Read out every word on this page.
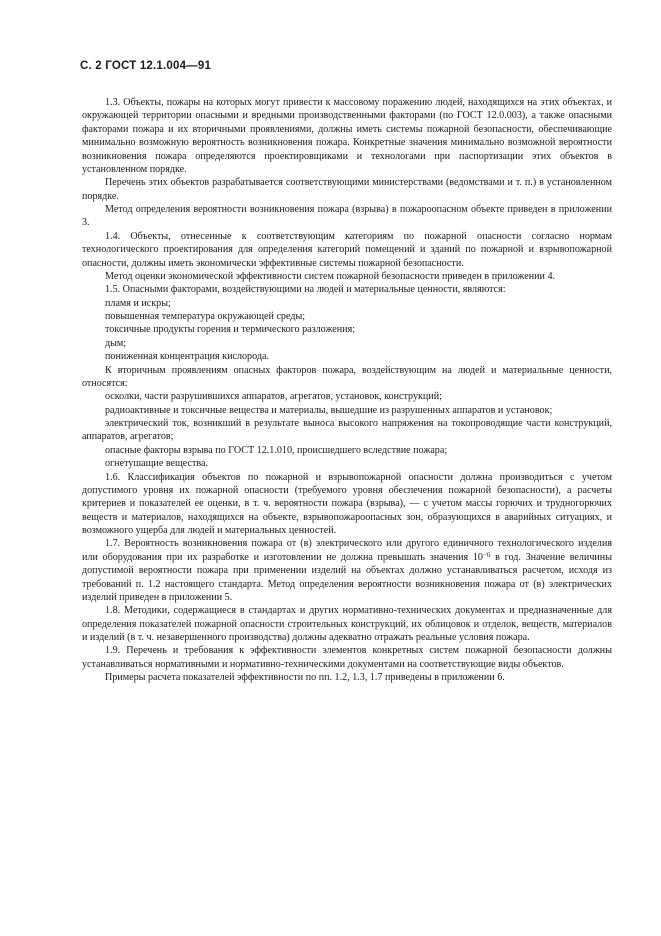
С. 2 ГОСТ 12.1.004—91

1.3. Объекты, пожары на которых могут привести к массовому поражению людей, находящихся на этих объектах, и окружающей территории опасными и вредными производственными факторами (по ГОСТ 12.0.003), а также опасными факторами пожара и их вторичными проявлениями, должны иметь системы пожарной безопасности, обеспечивающие минимально возможную вероятность возникновения пожара. Конкретные значения минимально возможной вероятности возникновения пожара определяются проектировщиками и технологами при паспортизации этих объектов в установленном порядке.

Перечень этих объектов разрабатывается соответствующими министерствами (ведомствами и т. п.) в установленном порядке.

Метод определения вероятности возникновения пожара (взрыва) в пожароопасном объекте приведен в приложении 3.

1.4. Объекты, отнесенные к соответствующим категориям по пожарной опасности согласно нормам технологического проектирования для определения категорий помещений и зданий по пожарной и взрывопожарной опасности, должны иметь экономически эффективные системы пожарной безопасности.

Метод оценки экономической эффективности систем пожарной безопасности приведен в приложении 4.

1.5. Опасными факторами, воздействующими на людей и материальные ценности, являются:

пламя и искры;

повышенная температура окружающей среды;

токсичные продукты горения и термического разложения;

дым;

пониженная концентрация кислорода.

К вторичным проявлениям опасных факторов пожара, воздействующим на людей и материальные ценности, относятся:

осколки, части разрушившихся аппаратов, агрегатов, установок, конструкций;

радиоактивные и токсичные вещества и материалы, вышедшие из разрушенных аппаратов и установок;

электрический ток, возникший в результате выноса высокого напряжения на токопроводящие части конструкций, аппаратов, агрегатов;

опасные факторы взрыва по ГОСТ 12.1.010, происшедшего вследствие пожара;

огнетушащие вещества.

1.6. Классификация объектов по пожарной и взрывопожарной опасности должна производиться с учетом допустимого уровня их пожарной опасности (требуемого уровня обеспечения пожарной безопасности), а расчеты критериев и показателей ее оценки, в т. ч. вероятности пожара (взрыва), — с учетом массы горючих и трудногорючих веществ и материалов, находящихся на объекте, взрывопожароопасных зон, образующихся в аварийных ситуациях, и возможного ущерба для людей и материальных ценностей.

1.7. Вероятность возникновения пожара от (в) электрического или другого единичного технологического изделия или оборудования при их разработке и изготовлении не должна превышать значения $10^{-6}$ в год. Значение величины допустимой вероятности пожара при применении изделий на объектах должно устанавливаться расчетом, исходя из требований п. 1.2 настоящего стандарта. Метод определения вероятности возникновения пожара от (в) электрических изделий приведен в приложении 5.

1.8. Методики, содержащиеся в стандартах и других нормативно-технических документах и предназначенные для определения показателей пожарной опасности строительных конструкций, их облицовок и отделок, веществ, материалов и изделий (в т. ч. незавершенного производства) должны адекватно отражать реальные условия пожара.

1.9. Перечень и требования к эффективности элементов конкретных систем пожарной безопасности должны устанавливаться нормативными и нормативно-техническими документами на соответствующие виды объектов.

Примеры расчета показателей эффективности по пп. 1.2, 1.3, 1.7 приведены в приложении 6.
